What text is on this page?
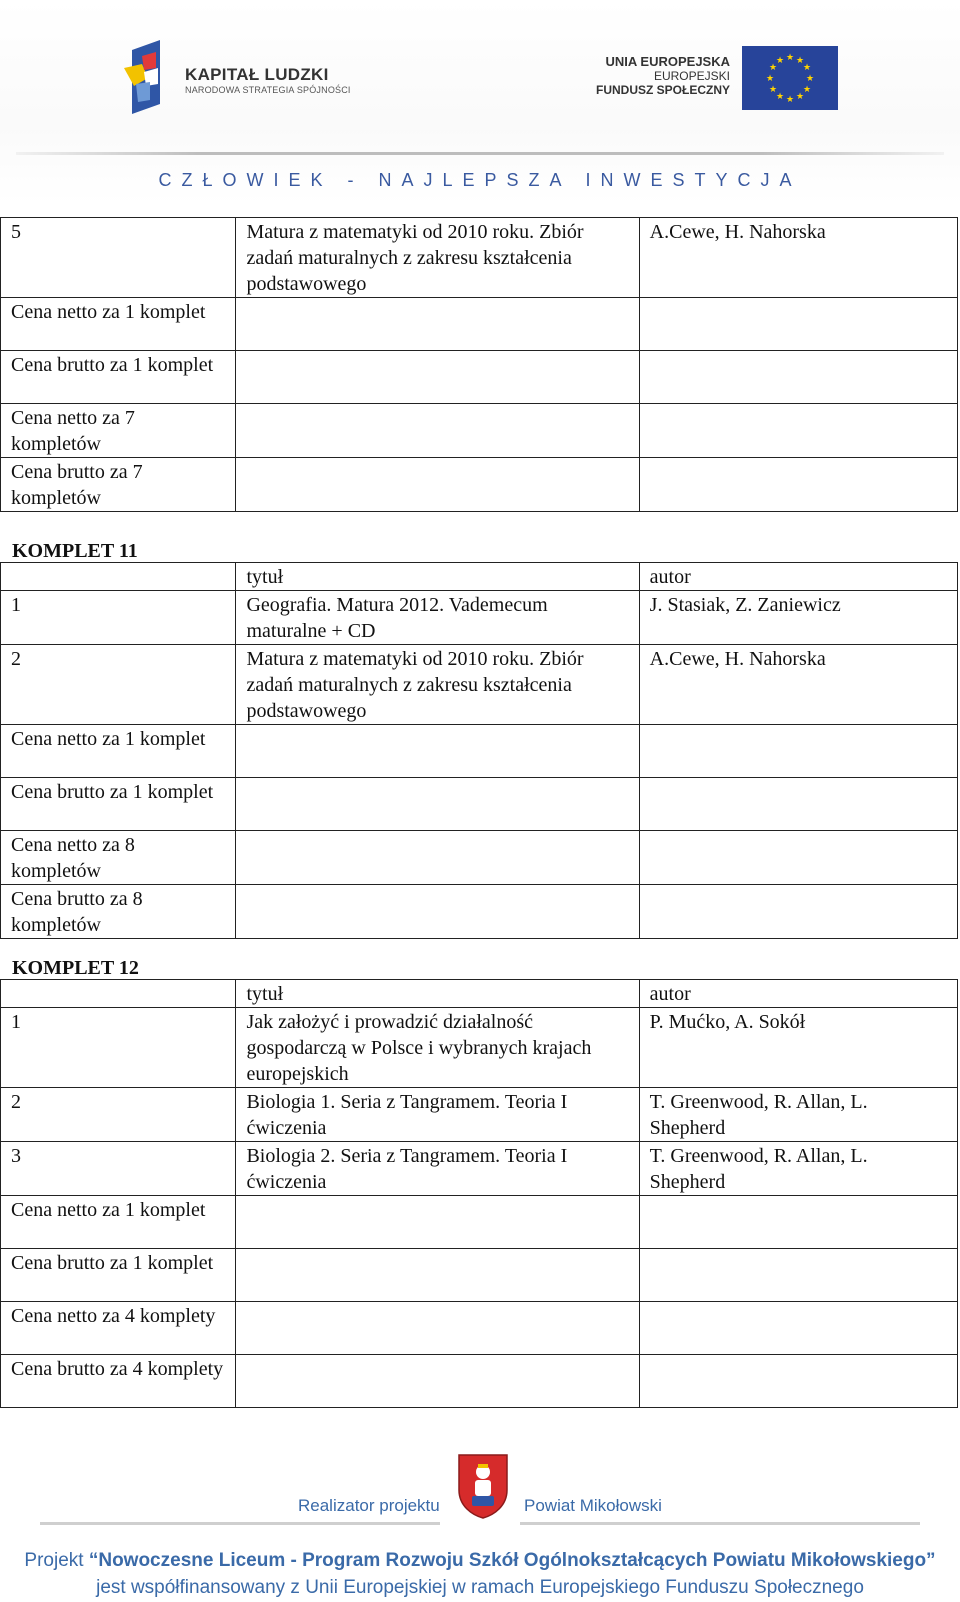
KAPITAŁ LUDZKI
NARODOWA STRATEGIA SPÓJNOŚCI
UNIA EUROPEJSKA
EUROPEJSKI
FUNDUSZ SPOŁECZNY
★ ★
★
★
★
★
★
★
★
★
★
★
CZŁOWIEK - NAJLEPSZA INWESTYCJA
5	Matura z matematyki od 2010 roku. Zbiór zadań maturalnych z zakresu kształcenia podstawowego	A.Cewe, H. Nahorska
Cena netto za 1 komplet		
Cena brutto za 1 komplet		
Cena netto za 7 kompletów		
Cena brutto za 7 kompletów		
KOMPLET 11
	tytuł	autor
1	Geografia. Matura 2012. Vademecum maturalne + CD	J. Stasiak, Z. Zaniewicz
2	Matura z matematyki od 2010 roku. Zbiór zadań maturalnych z zakresu kształcenia podstawowego	A.Cewe, H. Nahorska
Cena netto za 1 komplet		
Cena brutto za 1 komplet		
Cena netto za 8 kompletów		
Cena brutto za 8 kompletów		
KOMPLET 12
	tytuł	autor
1	Jak założyć i prowadzić działalność gospodarczą w Polsce i wybranych krajach europejskich	P. Mućko, A. Sokół
2	Biologia 1. Seria z Tangramem. Teoria I ćwiczenia	T. Greenwood, R. Allan, L. Shepherd
3	Biologia 2. Seria z Tangramem. Teoria I ćwiczenia	T. Greenwood, R. Allan, L. Shepherd
Cena netto za 1 komplet		
Cena brutto za 1 komplet		
Cena netto za 4 komplety		
Cena brutto za 4 komplety		
Realizator projektu	Powiat Mikołowski
Projekt “Nowoczesne Liceum - Program Rozwoju Szkół Ogólnokształcących Powiatu Mikołowskiego”
jest współfinansowany z Unii Europejskiej w ramach Europejskiego Funduszu Społecznego
